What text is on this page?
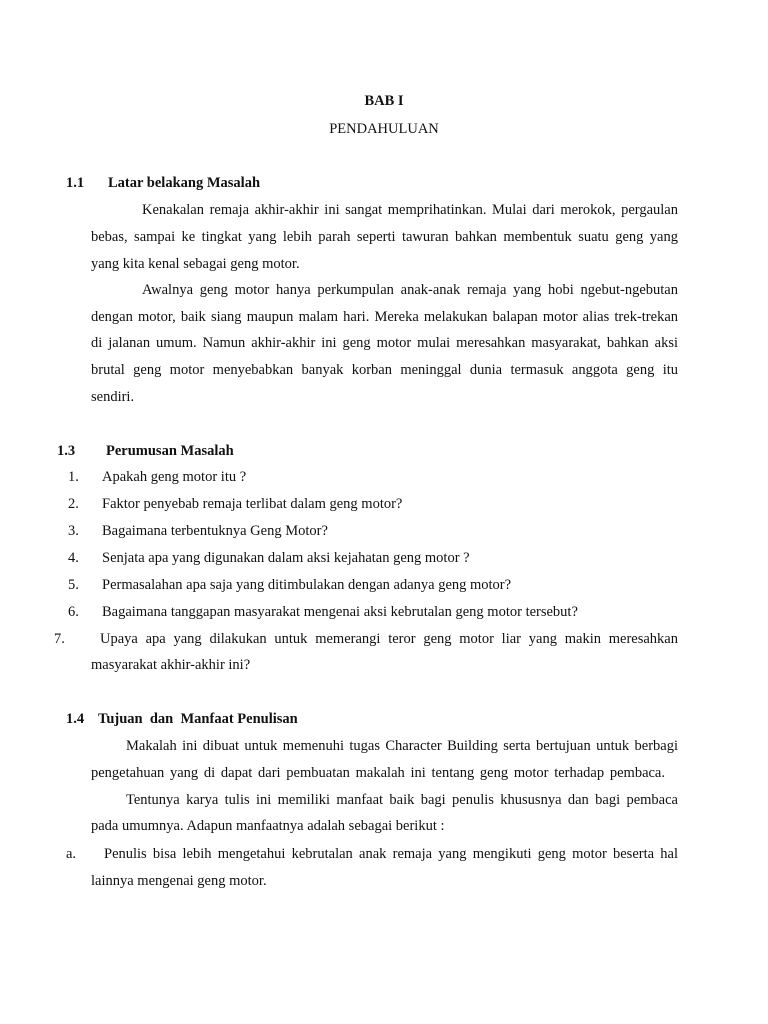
BAB I
PENDAHULUAN
1.1 Latar belakang Masalah
Kenakalan remaja akhir-akhir ini sangat memprihatinkan. Mulai dari merokok, pergaulan
bebas, sampai ke tingkat yang lebih parah seperti tawuran bahkan membentuk suatu geng yang
yang kita kenal sebagai geng motor.
Awalnya geng motor hanya perkumpulan anak-anak remaja yang hobi ngebut-ngebutan
dengan motor, baik siang maupun malam hari. Mereka melakukan balapan motor alias trek-trekan
di jalanan umum. Namun akhir-akhir ini geng motor mulai meresahkan masyarakat, bahkan aksi
brutal geng motor menyebabkan banyak korban meninggal dunia termasuk anggota geng itu
sendiri.
1.3 Perumusan Masalah
1. Apakah geng motor itu ?
2. Faktor penyebab remaja terlibat dalam geng motor?
3. Bagaimana terbentuknya Geng Motor?
4. Senjata apa yang digunakan dalam aksi kejahatan geng motor ?
5. Permasalahan apa saja yang ditimbulakan dengan adanya geng motor?
6. Bagaimana tanggapan masyarakat mengenai aksi kebrutalan geng motor tersebut?
7. Upaya apa yang dilakukan untuk memerangi teror geng motor liar yang makin meresahkan
masyarakat akhir-akhir ini?
1.4 Tujuan  dan  Manfaat Penulisan
Makalah ini dibuat untuk memenuhi tugas Character Building serta bertujuan untuk berbagi
pengetahuan yang di dapat dari pembuatan makalah ini tentang geng motor terhadap pembaca.
Tentunya karya tulis ini memiliki manfaat baik bagi penulis khususnya dan bagi pembaca
pada umumnya. Adapun manfaatnya adalah sebagai berikut :
a. Penulis bisa lebih mengetahui kebrutalan anak remaja yang mengikuti geng motor beserta hal
lainnya mengenai geng motor.
